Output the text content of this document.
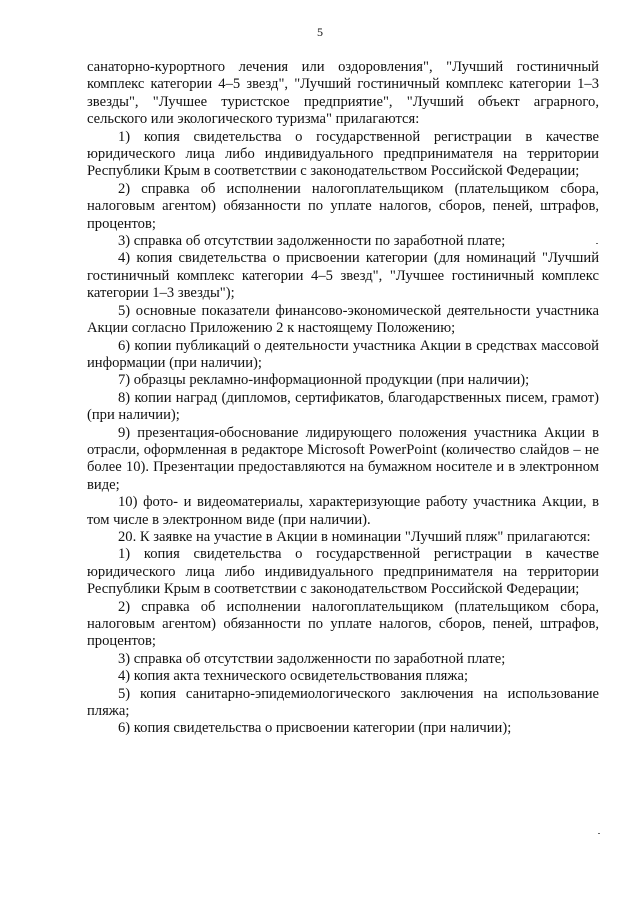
5

санаторно-курортного лечения или оздоровления", "Лучший гостиничный комплекс категории 4–5 звезд", "Лучший гостиничный комплекс категории 1–3 звезды", "Лучшее туристское предприятие", "Лучший объект аграрного, сельского или экологического туризма" прилагаются:

1) копия свидетельства о государственной регистрации в качестве юридического лица либо индивидуального предпринимателя на территории Республики Крым в соответствии с законодательством Российской Федерации;

2) справка об исполнении налогоплательщиком (плательщиком сбора, налоговым агентом) обязанности по уплате налогов, сборов, пеней, штрафов, процентов;

3) справка об отсутствии задолженности по заработной плате;

4) копия свидетельства о присвоении категории (для номинаций "Лучший гостиничный комплекс категории 4–5 звезд", "Лучшее гостиничный комплекс категории 1–3 звезды");

5) основные показатели финансово-экономической деятельности участника Акции согласно Приложению 2 к настоящему Положению;

6) копии публикаций о деятельности участника Акции в средствах массовой информации (при наличии);

7) образцы рекламно-информационной продукции (при наличии);

8) копии наград (дипломов, сертификатов, благодарственных писем, грамот) (при наличии);

9) презентация-обоснование лидирующего положения участника Акции в отрасли, оформленная в редакторе Microsoft PowerPoint (количество слайдов – не более 10). Презентации предоставляются на бумажном носителе и в электронном виде;

10) фото- и видеоматериалы, характеризующие работу участника Акции, в том числе в электронном виде (при наличии).

20. К заявке на участие в Акции в номинации "Лучший пляж" прилагаются:

1) копия свидетельства о государственной регистрации в качестве юридического лица либо индивидуального предпринимателя на территории Республики Крым в соответствии с законодательством Российской Федерации;

2) справка об исполнении налогоплательщиком (плательщиком сбора, налоговым агентом) обязанности по уплате налогов, сборов, пеней, штрафов, процентов;

3) справка об отсутствии задолженности по заработной плате;

4) копия акта технического освидетельствования пляжа;

5) копия санитарно-эпидемиологического заключения на использование пляжа;

6) копия свидетельства о присвоении категории (при наличии);
